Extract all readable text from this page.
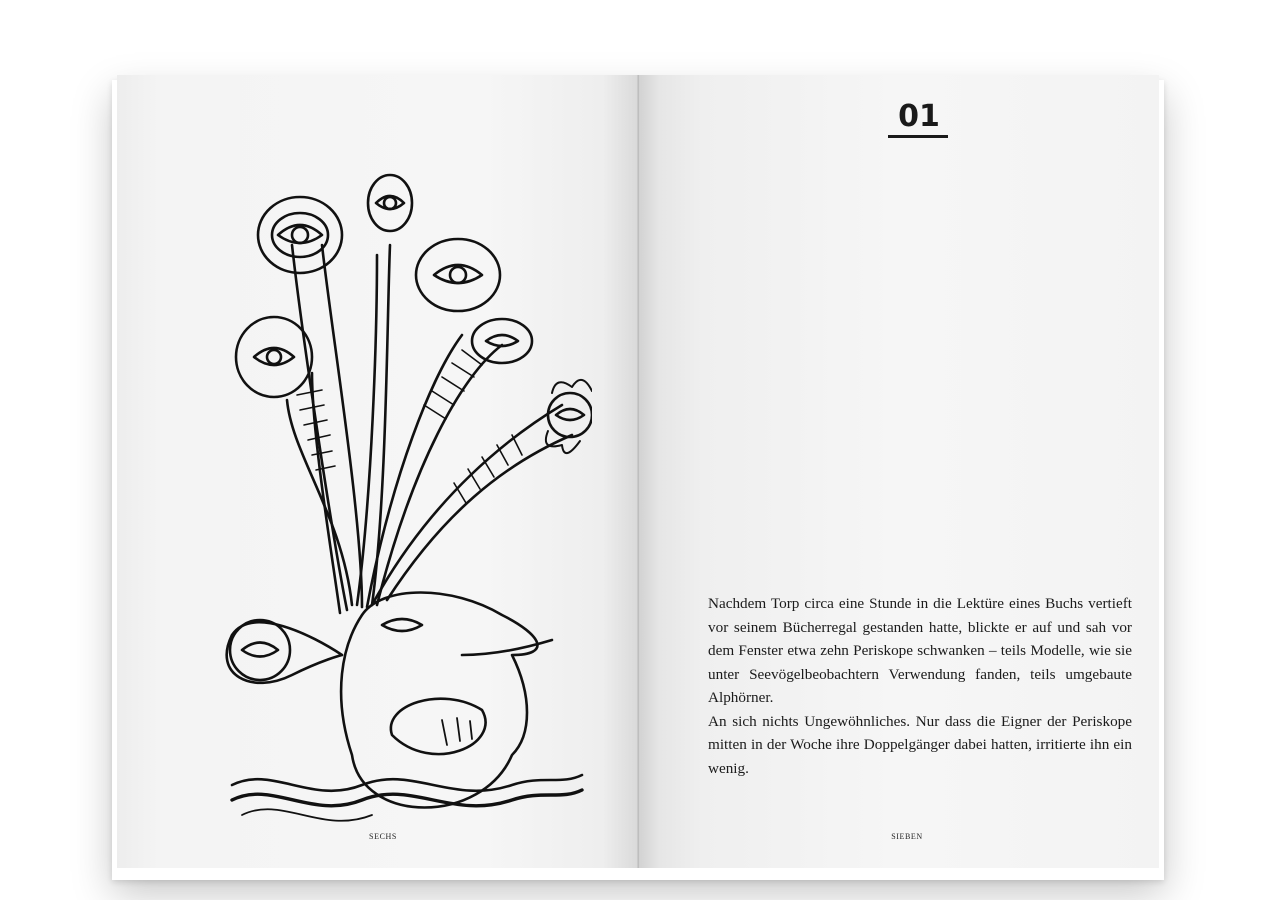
SECHS
01

Nachdem Torp circa eine Stunde in die Lektüre eines Buchs vertieft vor seinem Bücherregal gestanden hatte, blickte er auf und sah vor dem Fenster etwa zehn Periskope schwanken – teils Modelle, wie sie unter Seevögelbeobachtern Verwendung fanden, teils umgebaute Alphörner.

An sich nichts Ungewöhnliches. Nur dass die Eigner der Periskope mitten in der Woche ihre Doppelgänger dabei hatten, irritierte ihn ein wenig.

SIEBEN
